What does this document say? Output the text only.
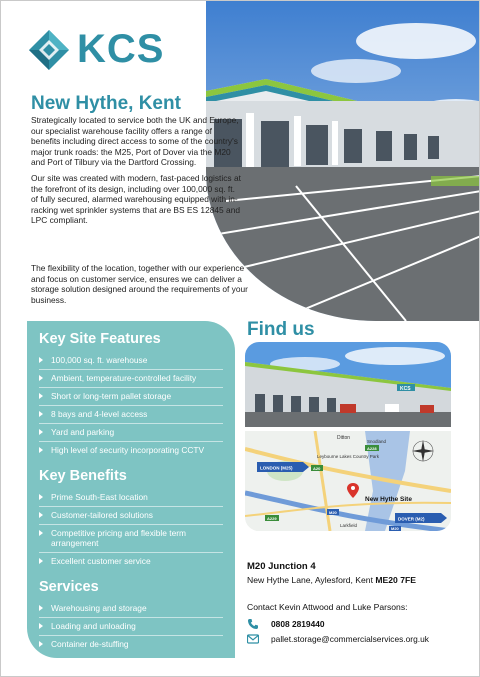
KCS
New Hythe, Kent

Strategically located to service both the UK and Europe, our specialist warehouse facility offers a range of benefits including direct access to some of the country's major trunk roads: the M25, Port of Dover via the M20 and Port of Tilbury via the Dartford Crossing.

Our site was created with modern, fast-paced logistics at the forefront of its design, including over 100,000 sq. ft. of fully secured, alarmed warehousing equipped with in-racking wet sprinkler systems that are BS ES 12845 and LPC compliant.

The flexibility of the location, together with our experience and focus on customer service, ensures we can deliver a storage solution designed around the requirements of your business.
Key Site Features
100,000 sq. ft. warehouse
Ambient, temperature-controlled facility
Short or long-term pallet storage
8 bays and 4-level access
Yard and parking
High level of security incorporating CCTV
Key Benefits
Prime South-East location
Customer-tailored solutions
Competitive pricing and flexible term arrangement
Excellent customer service
Services
Warehousing and storage
Loading and unloading
Container de-stuffing
Find us
KCS
Ditton
Leybourne Lakes Country Park
Snodland
Larkfield
A228
A20
A229
M20
M20
LONDON (M25)
DOVER (M2)
New Hythe Site
M20 Junction 4
New Hythe Lane, Aylesford, Kent ME20 7FE
Contact Kevin Attwood and Luke Parsons:
0808 2819440
pallet.storage@commercialservices.org.uk
